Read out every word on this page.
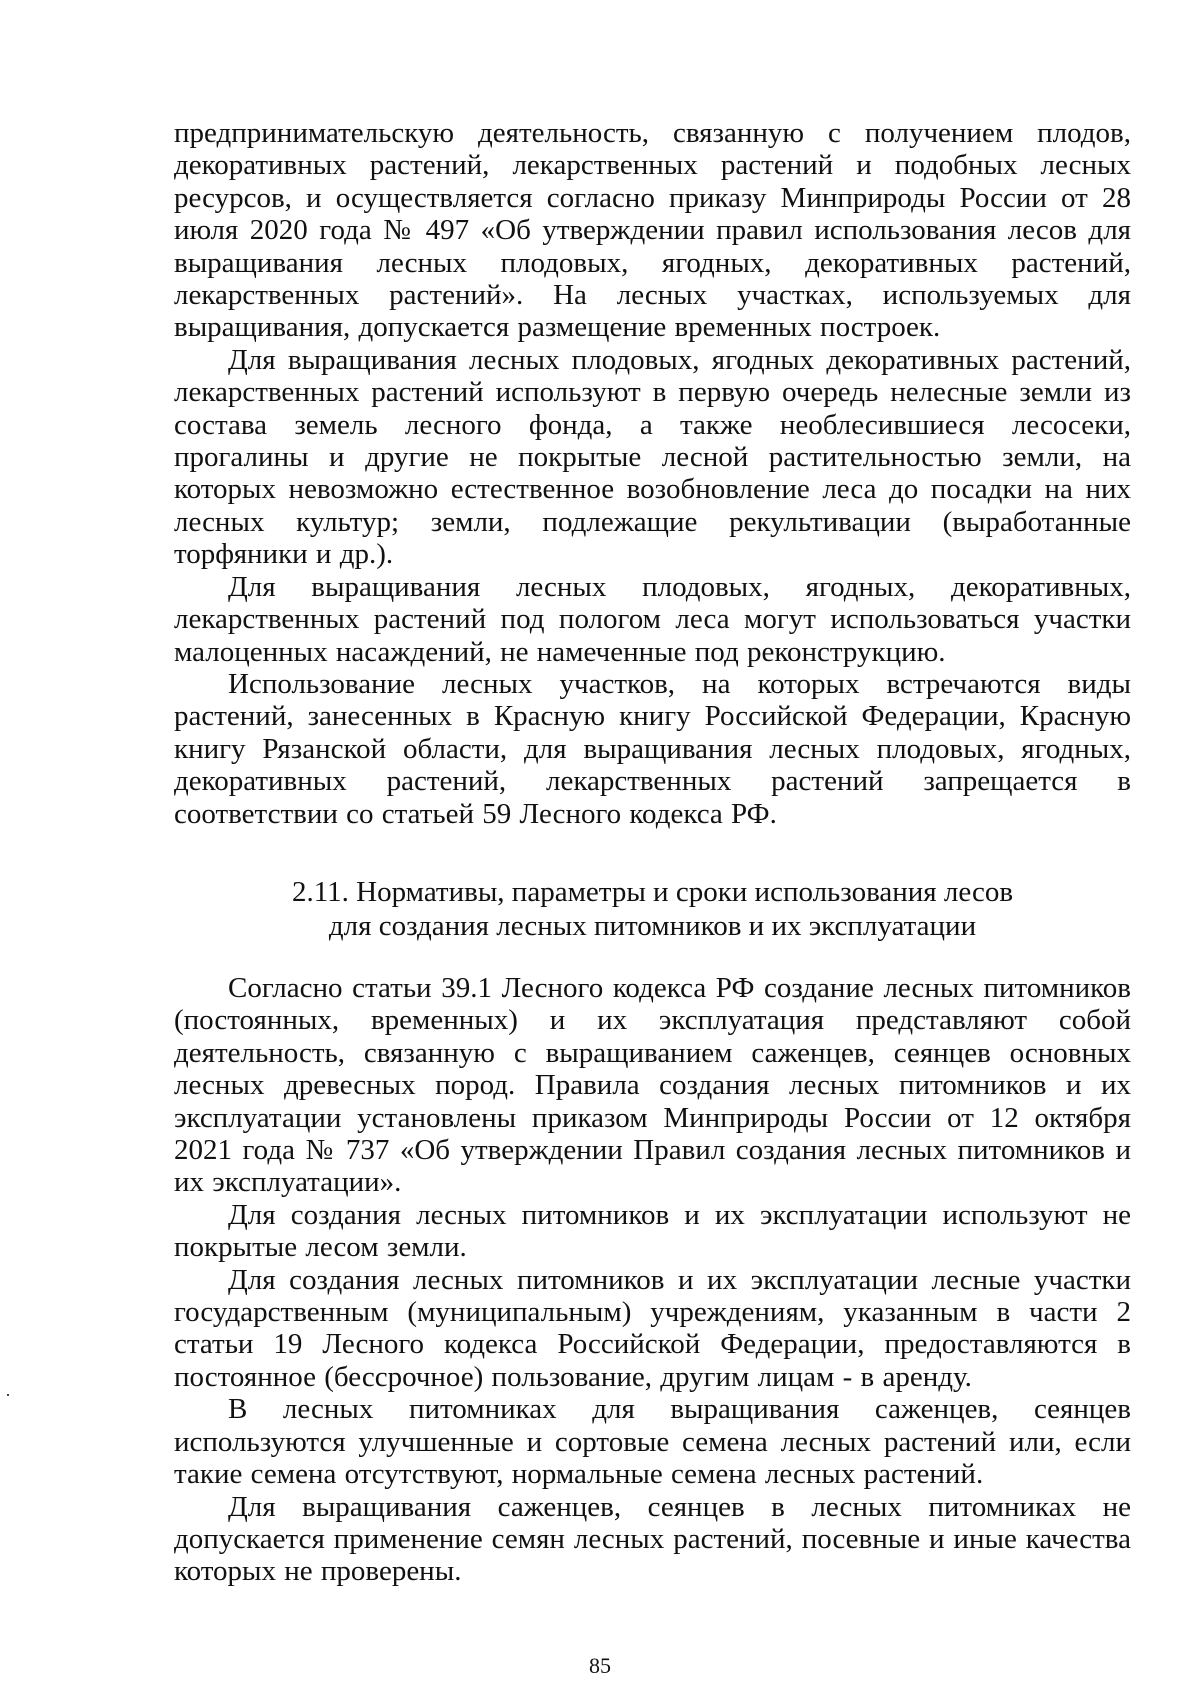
предпринимательскую деятельность, связанную с получением плодов, декоративных растений, лекарственных растений и подобных лесных ресурсов, и осуществляется согласно приказу Минприроды России от 28 июля 2020 года № 497 «Об утверждении правил использования лесов для выращивания лесных плодовых, ягодных, декоративных растений, лекарственных растений». На лесных участках, используемых для выращивания, допускается размещение временных построек.

Для выращивания лесных плодовых, ягодных декоративных растений, лекарственных растений используют в первую очередь нелесные земли из состава земель лесного фонда, а также необлесившиеся лесосеки, прогалины и другие не покрытые лесной растительностью земли, на которых невозможно естественное возобновление леса до посадки на них лесных культур; земли, подлежащие рекультивации (выработанные торфяники и др.).

Для выращивания лесных плодовых, ягодных, декоративных, лекарственных растений под пологом леса могут использоваться участки малоценных насаждений, не намеченные под реконструкцию.

Использование лесных участков, на которых встречаются виды растений, занесенных в Красную книгу Российской Федерации, Красную книгу Рязанской области, для выращивания лесных плодовых, ягодных, декоративных растений, лекарственных растений запрещается в соответствии со статьей 59 Лесного кодекса РФ.

2.11. Нормативы, параметры и сроки использования лесов
для создания лесных питомников и их эксплуатации

Согласно статьи 39.1 Лесного кодекса РФ создание лесных питомников (постоянных, временных) и их эксплуатация представляют собой деятельность, связанную с выращиванием саженцев, сеянцев основных лесных древесных пород. Правила создания лесных питомников и их эксплуатации установлены приказом Минприроды России от 12 октября 2021 года № 737 «Об утверждении Правил создания лесных питомников и их эксплуатации».

Для создания лесных питомников и их эксплуатации используют не покрытые лесом земли.

Для создания лесных питомников и их эксплуатации лесные участки государственным (муниципальным) учреждениям, указанным в части 2 статьи 19 Лесного кодекса Российской Федерации, предоставляются в постоянное (бессрочное) пользование, другим лицам - в аренду.

В лесных питомниках для выращивания саженцев, сеянцев используются улучшенные и сортовые семена лесных растений или, если такие семена отсутствуют, нормальные семена лесных растений.

Для выращивания саженцев, сеянцев в лесных питомниках не допускается применение семян лесных растений, посевные и иные качества которых не проверены.

85
